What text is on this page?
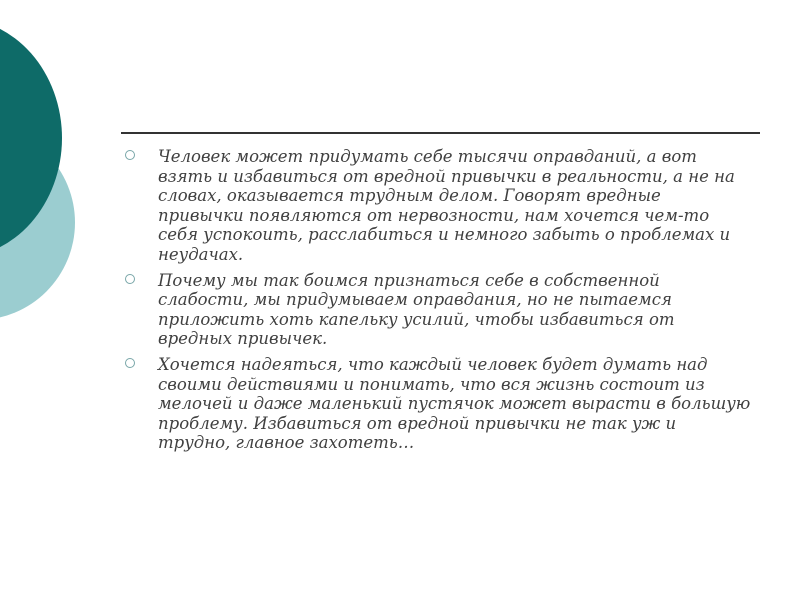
Человек может придумать себе тысячи оправданий, а вот взять и избавиться от вредной привычки в реальности, а не на словах, оказывается трудным делом. Говорят вредные привычки появляются от нервозности, нам хочется чем-то себя успокоить, расслабиться и немного забыть о проблемах и неудачах.
Почему мы так боимся признаться себе в собственной слабости, мы придумываем оправдания, но не пытаемся приложить хоть капельку усилий, чтобы избавиться от вредных привычек.
Хочется надеяться, что каждый человек будет думать над своими действиями и понимать, что вся жизнь состоит из мелочей и даже маленький пустячок может вырасти в большую проблему. Избавиться от вредной привычки не так уж и трудно, главное захотеть…
